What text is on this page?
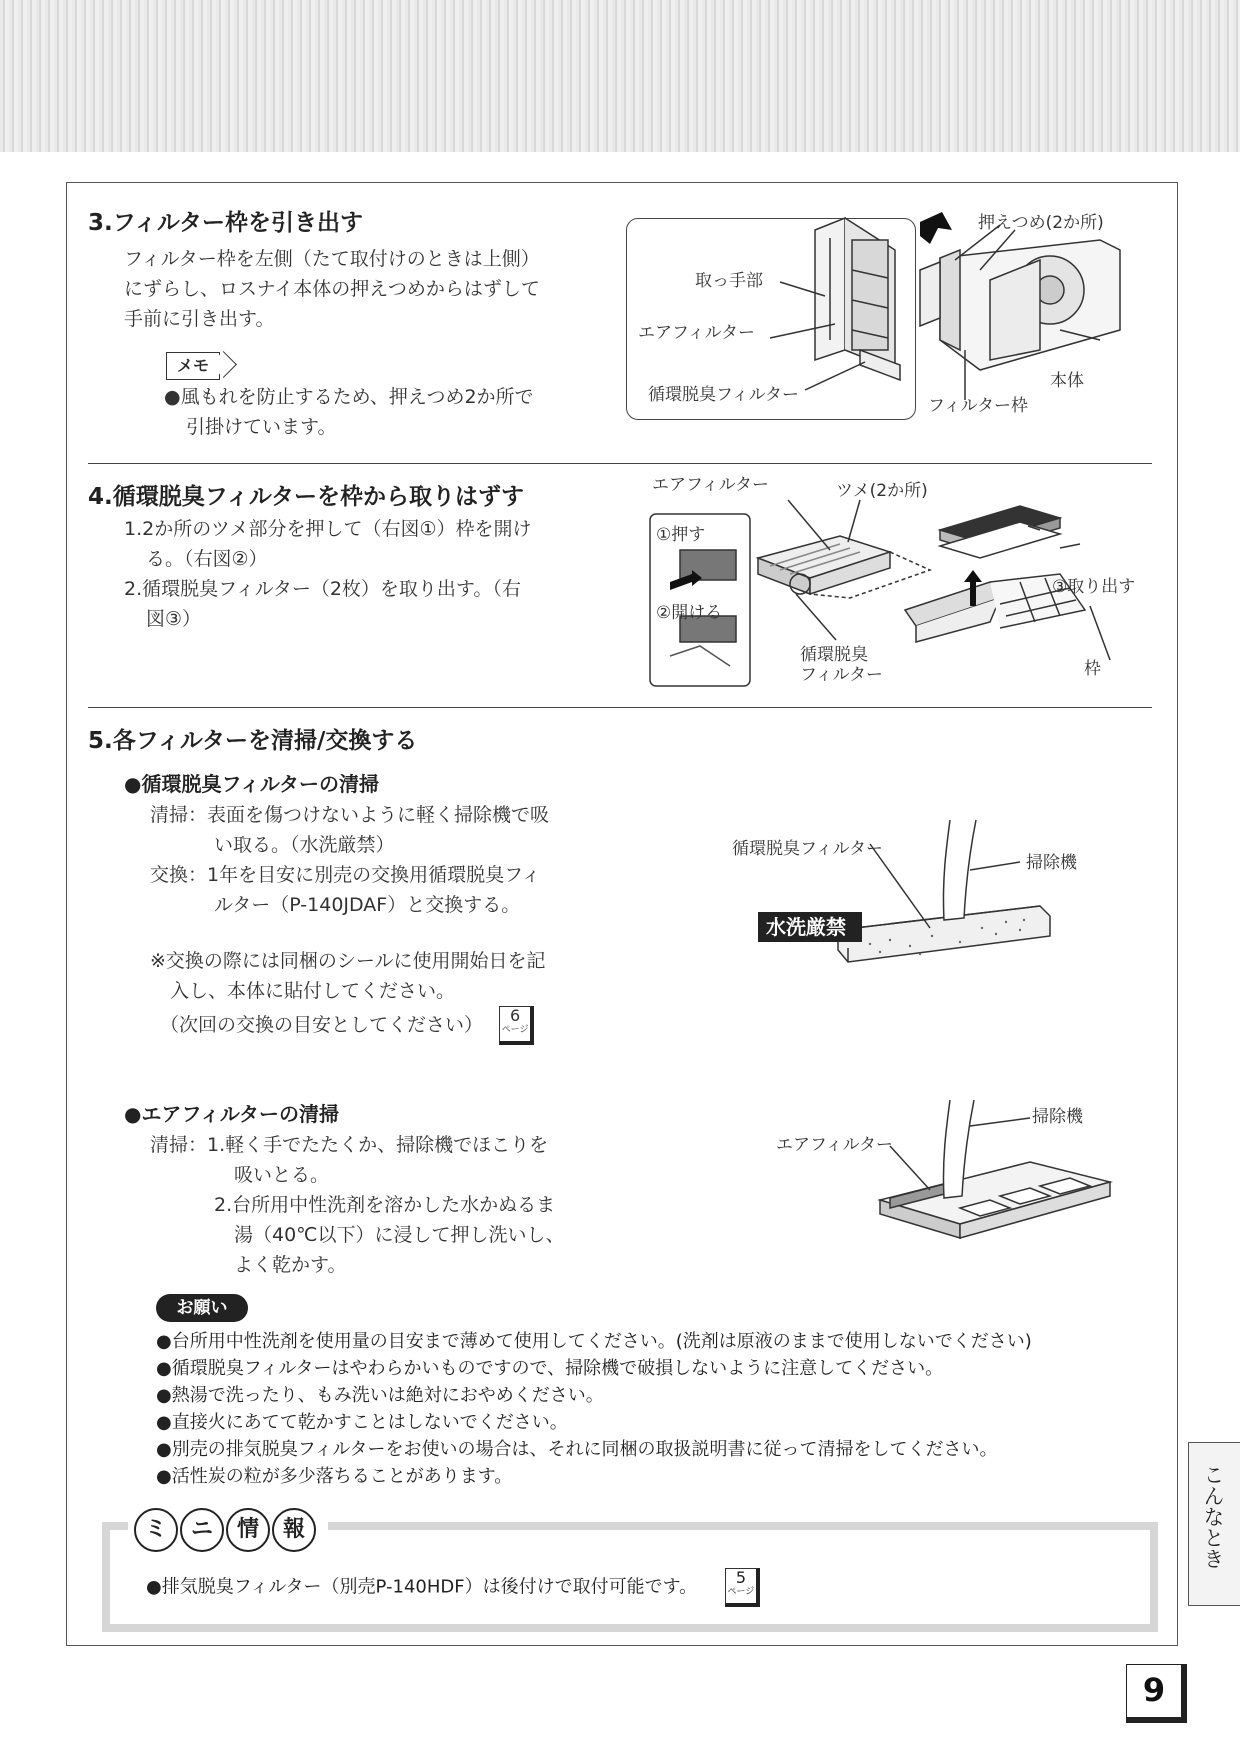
3.フィルター枠を引き出す
フィルター枠を左側（たて取付けのときは上側）
にずらし、ロスナイ本体の押えつめからはずして
手前に引き出す。
メモ
●風もれを防止するため、押えつめ2か所で
引掛けています。
取っ手部
エアフィルター
循環脱臭フィルター
押えつめ(2か所)
本体
フィルター枠
4.循環脱臭フィルターを枠から取りはずす
1.2か所のツメ部分を押して（右図①）枠を開け
る。（右図②）
2.循環脱臭フィルター（2枚）を取り出す。（右
図③）
エアフィルター	ツメ(2か所)
①押す
②開ける
③取り出す
循環脱臭
フィルター	枠
5.各フィルターを清掃/交換する
●循環脱臭フィルターの清掃
清掃：表面を傷つけないように軽く掃除機で吸
い取る。（水洗厳禁）
交換：1年を目安に別売の交換用循環脱臭フィ
ルター（P-140JDAF）と交換する。
※交換の際には同梱のシールに使用開始日を記
入し、本体に貼付してください。
（次回の交換の目安としてください） 6
ページ
循環脱臭フィルター
掃除機
水洗厳禁
●エアフィルターの清掃
清掃：1.軽く手でたたくか、掃除機でほこりを
吸いとる。
2.台所用中性洗剤を溶かした水かぬるま
湯（40℃以下）に浸して押し洗いし、
よく乾かす。
掃除機
エアフィルター
お願い
●台所用中性洗剤を使用量の目安まで薄めて使用してください。(洗剤は原液のままで使用しないでください)
●循環脱臭フィルターはやわらかいものですので、掃除機で破損しないように注意してください。
●熱湯で洗ったり、もみ洗いは絶対におやめください。
●直接火にあてて乾かすことはしないでください。
●別売の排気脱臭フィルターをお使いの場合は、それに同梱の取扱説明書に従って清掃をしてください。
●活性炭の粒が多少落ちることがあります。
ミ	ニ	情	報
●排気脱臭フィルター（別売P-140HDF）は後付けで取付可能です。 5
ページ
こんなとき
9
